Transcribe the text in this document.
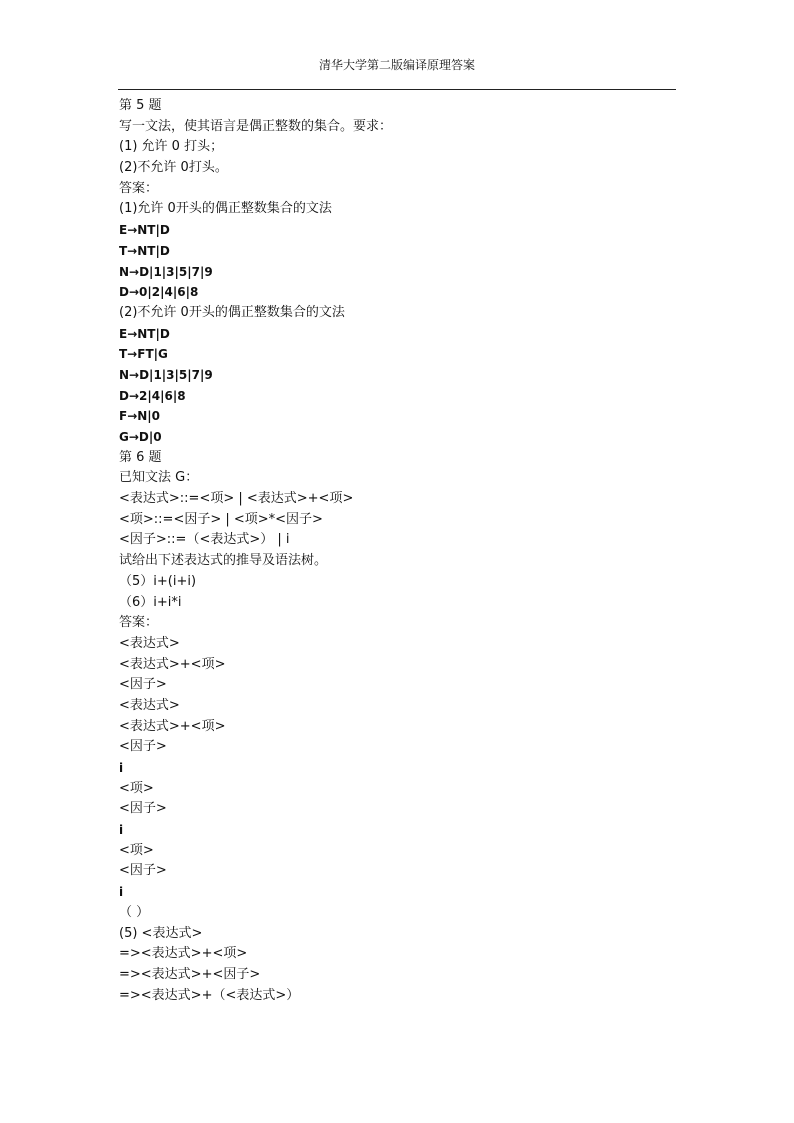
清华大学第二版编译原理答案
第 5 题
写一文法，使其语言是偶正整数的集合。要求：
(1) 允许 0 打头；
(2)不允许 0打头。
答案：
(1)允许 0开头的偶正整数集合的文法
E→NT|D
T→NT|D
N→D|1|3|5|7|9
D→0|2|4|6|8
(2)不允许 0开头的偶正整数集合的文法
E→NT|D
T→FT|G
N→D|1|3|5|7|9
D→2|4|6|8
F→N|0
G→D|0
第 6 题
已知文法 G：
<表达式>::=<项> | <表达式>+<项>
<项>::=<因子> | <项>*<因子>
<因子>::=（<表达式>） | i
试给出下述表达式的推导及语法树。
（5）i+(i+i)
（6）i+i*i
答案：
<表达式>
<表达式>+<项>
<因子>
<表达式>
<表达式>+<项>
<因子>
i
<项>
<因子>
i
<项>
<因子>
i
（ ）
(5) <表达式>
=><表达式>+<项>
=><表达式>+<因子>
=><表达式>+（<表达式>）
